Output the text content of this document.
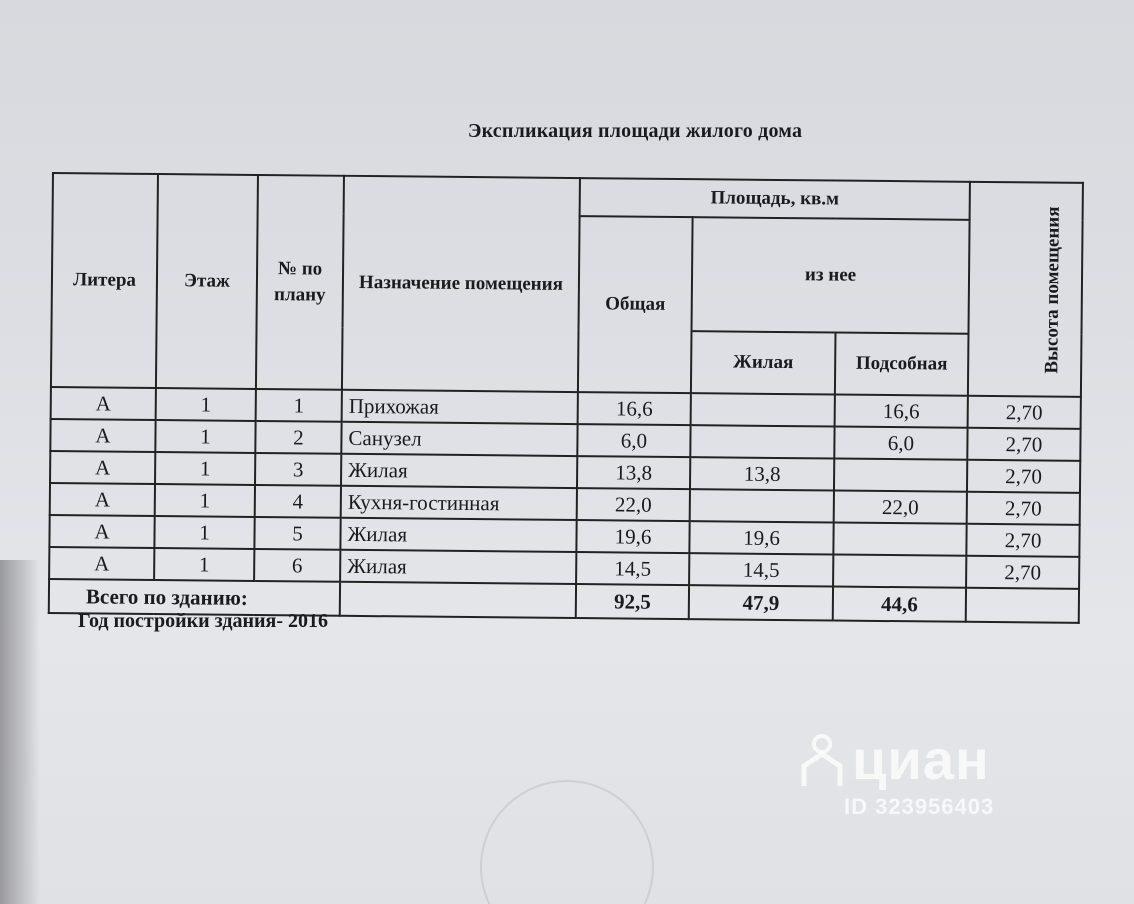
Экспликация площади жилого дома
Литера	Этаж	№ по плану	Назначение помещения	Площадь, кв.м			Высота помещения
				Общая	из нее		
					Жилая	Подсобная	
А	1	1	Прихожая	16,6		16,6	2,70
А	1	2	Санузел	6,0		6,0	2,70
А	1	3	Жилая	13,8	13,8		2,70
А	1	4	Кухня-гостинная	22,0		22,0	2,70
А	1	5	Жилая	19,6	19,6		2,70
А	1	6	Жилая	14,5	14,5		2,70
Всего по зданию:				92,5	47,9	44,6	
Год постройки здания- 2016
циан
ID 323956403
